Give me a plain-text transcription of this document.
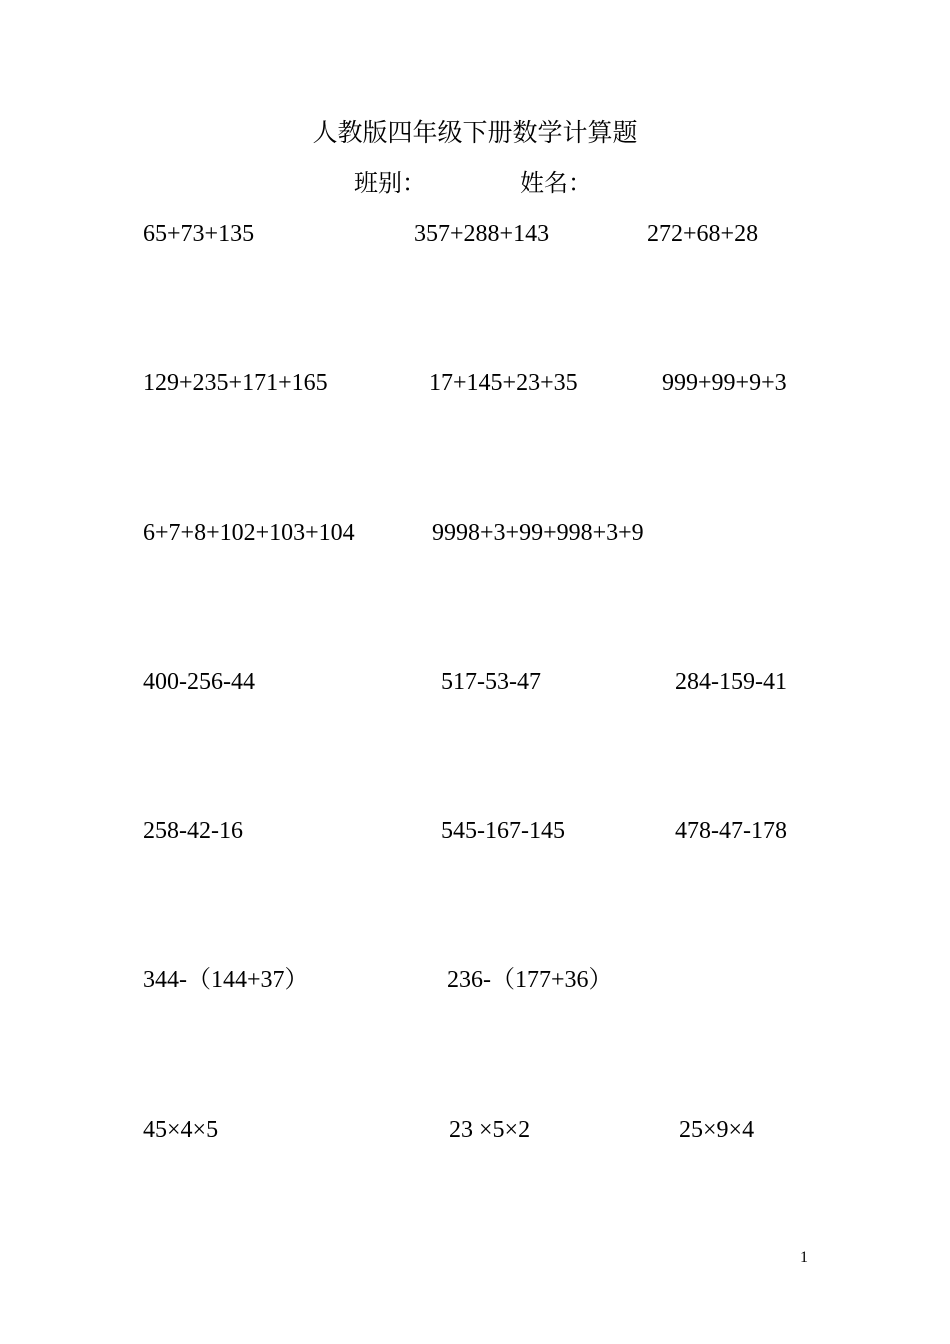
人教版四年级下册数学计算题
班别：	姓名：
65+73+135	357+288+143	272+68+28
129+235+171+165	17+145+23+35	999+99+9+3
6+7+8+102+103+104	9998+3+99+998+3+9
400-256-44	517-53-47	284-159-41
258-42-16	545-167-145	478-47-178
344-（144+37）	236-（177+36）
45×4×5	23 ×5×2	25×9×4
1
